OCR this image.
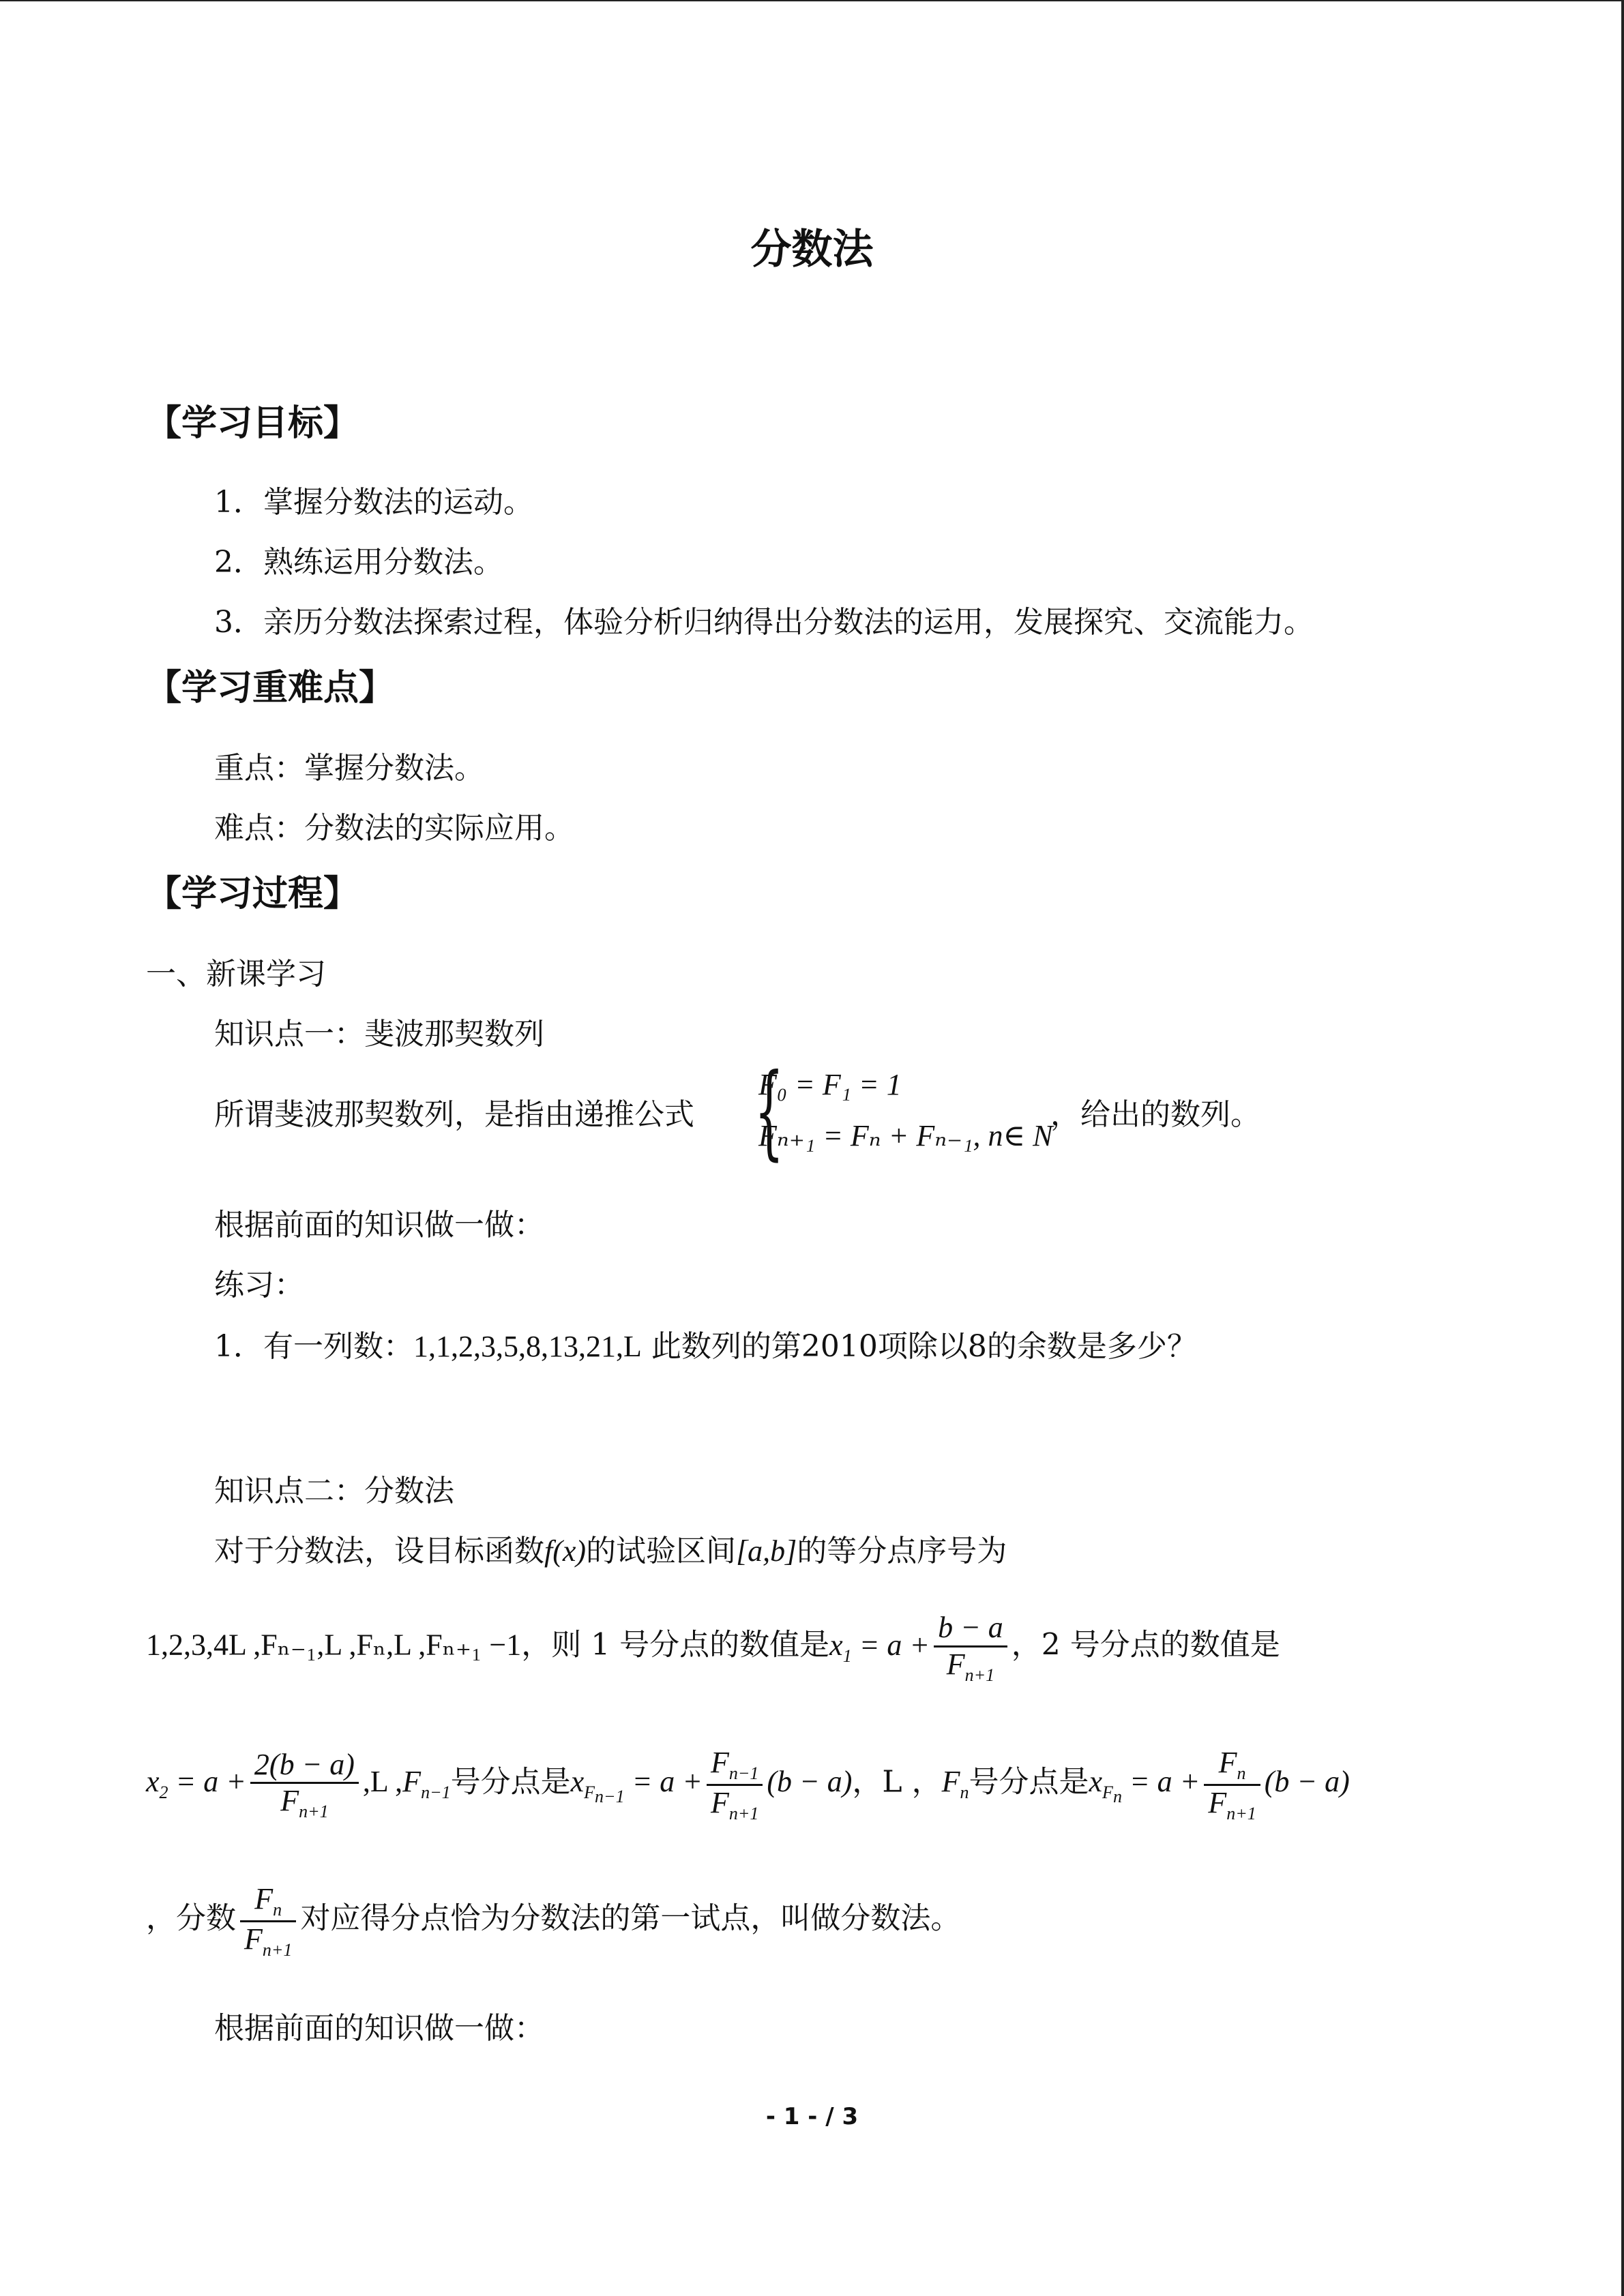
分数法
【学习目标】
1．掌握分数法的运动。
2．熟练运用分数法。
3．亲历分数法探索过程，体验分析归纳得出分数法的运用，发展探究、交流能力。
【学习重难点】
重点：掌握分数法。
难点：分数法的实际应用。
【学习过程】
一、新课学习
知识点一：斐波那契数列
所谓斐波那契数列，是指由递推公式 {
F₀ = F₁ = 1
Fₙ₊₁ = Fₙ + Fₙ₋₁, n∈ N
，给出的数列。
根据前面的知识做一做：
练习：
1．有一列数：1,1,2,3,5,8,13,21,L 此数列的第2010项除以8的余数是多少？
知识点二：分数法
对于分数法，设目标函数f(x)的试验区间[a,b]的等分点序号为
1,2,3,4L ,Fₙ₋₁,L ,Fₙ,L ,Fₙ₊₁ −1，则 1 号分点的数值是$x_1 = a + \frac{b - a}{F_{n+1}}$ ，2 号分点的数值是
$x_2 = a + \frac{2(b - a)}{F_{n+1}} ,L$ $,F_{n-1}$号分点是$x_{F_{n-1}} = a + \frac{F_{n-1}}{F_{n+1}} (b - a)$，L ，$F_n$号分点是$x_{F_n} = a + \frac{F_n}{F_{n+1}} (b - a)$
，分数 $\frac{F_n}{F_{n+1}}$ 对应得分点恰为分数法的第一试点，叫做分数法。
根据前面的知识做一做：
- 1 - / 3
